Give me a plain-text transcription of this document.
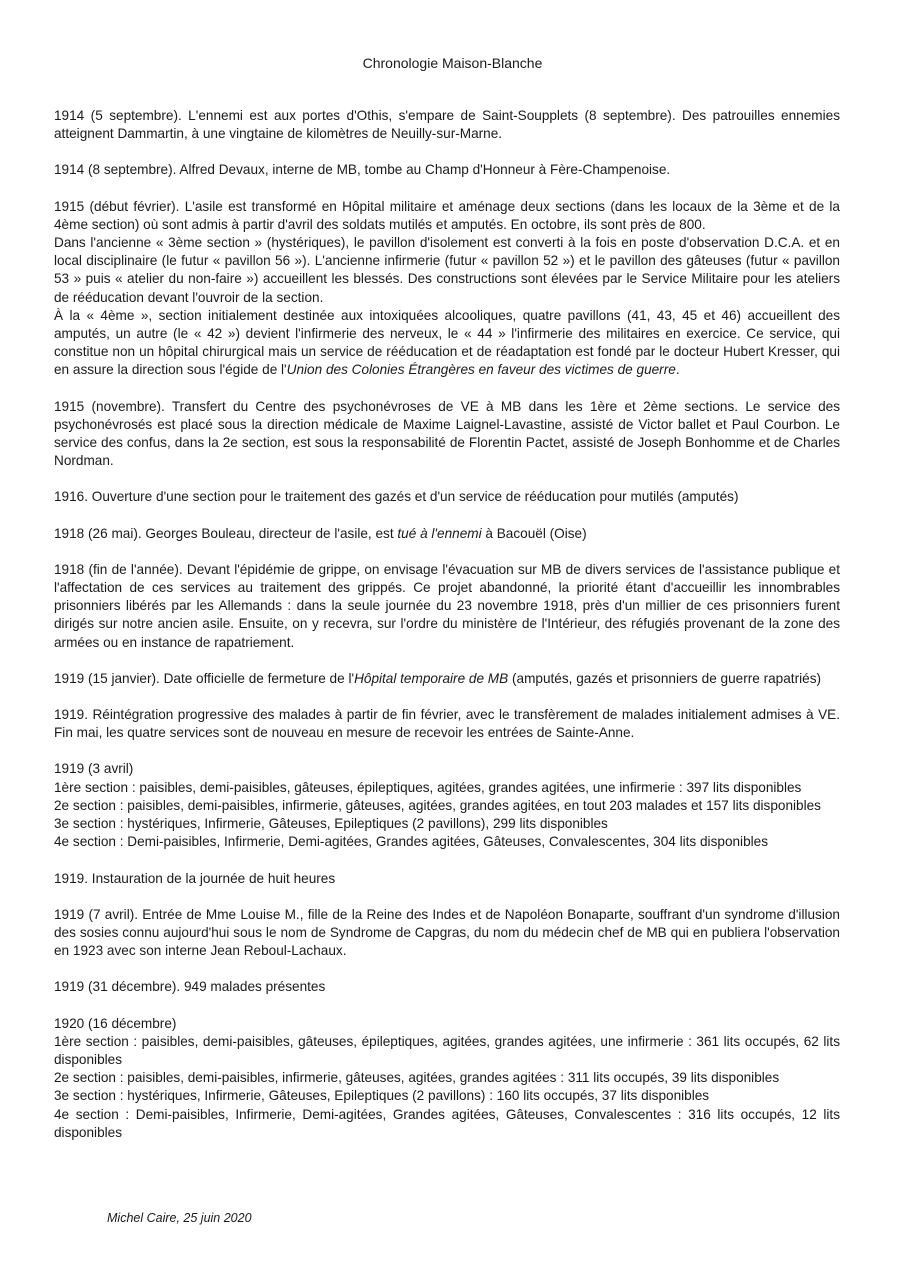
Chronologie Maison-Blanche

1914 (5 septembre). L'ennemi est aux portes d'Othis, s'empare de Saint-Soupplets (8 septembre). Des patrouilles ennemies atteignent Dammartin, à une vingtaine de kilomètres de Neuilly-sur-Marne.

1914 (8 septembre). Alfred Devaux, interne de MB, tombe au Champ d'Honneur à Fère-Champenoise.

1915 (début février). L'asile est transformé en Hôpital militaire et aménage deux sections (dans les locaux de la 3ème et de la 4ème section) où sont admis à partir d'avril des soldats mutilés et amputés. En octobre, ils sont près de 800.

Dans l'ancienne « 3ème section » (hystériques), le pavillon d'isolement est converti à la fois en poste d'observation D.C.A. et en local disciplinaire (le futur « pavillon 56 »). L'ancienne infirmerie (futur « pavillon 52 ») et le pavillon des gâteuses (futur « pavillon 53 » puis « atelier du non-faire ») accueillent les blessés. Des constructions sont élevées par le Service Militaire pour les ateliers de rééducation devant l'ouvroir de la section.

À la « 4ème », section initialement destinée aux intoxiquées alcooliques, quatre pavillons (41, 43, 45 et 46) accueillent des amputés, un autre (le « 42 ») devient l'infirmerie des nerveux, le « 44 » l'infirmerie des militaires en exercice. Ce service, qui constitue non un hôpital chirurgical mais un service de rééducation et de réadaptation est fondé par le docteur Hubert Kresser, qui en assure la direction sous l'égide de l'Union des Colonies Étrangères en faveur des victimes de guerre.

1915 (novembre). Transfert du Centre des psychonévroses de VE à MB dans les 1ère et 2ème sections. Le service des psychonévrosés est placé sous la direction médicale de Maxime Laignel-Lavastine, assisté de Victor ballet et Paul Courbon. Le service des confus, dans la 2e section, est sous la responsabilité de Florentin Pactet, assisté de Joseph Bonhomme et de Charles Nordman.

1916. Ouverture d'une section pour le traitement des gazés et d'un service de rééducation pour mutilés (amputés)

1918 (26 mai). Georges Bouleau, directeur de l'asile, est tué à l'ennemi à Bacouël (Oise)

1918 (fin de l'année). Devant l'épidémie de grippe, on envisage l'évacuation sur MB de divers services de l'assistance publique et l'affectation de ces services au traitement des grippés. Ce projet abandonné, la priorité étant d'accueillir les innombrables prisonniers libérés par les Allemands : dans la seule journée du 23 novembre 1918, près d'un millier de ces prisonniers furent dirigés sur notre ancien asile. Ensuite, on y recevra, sur l'ordre du ministère de l'Intérieur, des réfugiés provenant de la zone des armées ou en instance de rapatriement.

1919 (15 janvier). Date officielle de fermeture de l'Hôpital temporaire de MB (amputés, gazés et prisonniers de guerre rapatriés)

1919. Réintégration progressive des malades à partir de fin février, avec le transfèrement de malades initialement admises à VE. Fin mai, les quatre services sont de nouveau en mesure de recevoir les entrées de Sainte-Anne.

1919 (3 avril)

1ère section : paisibles, demi-paisibles, gâteuses, épileptiques, agitées, grandes agitées, une infirmerie : 397 lits disponibles

2e section : paisibles, demi-paisibles, infirmerie, gâteuses, agitées, grandes agitées, en tout 203 malades et 157 lits disponibles

3e section : hystériques, Infirmerie, Gâteuses, Epileptiques (2 pavillons), 299 lits disponibles

4e section : Demi-paisibles, Infirmerie, Demi-agitées, Grandes agitées, Gâteuses, Convalescentes, 304 lits disponibles

1919. Instauration de la journée de huit heures

1919 (7 avril). Entrée de Mme Louise M., fille de la Reine des Indes et de Napoléon Bonaparte, souffrant d'un syndrome d'illusion des sosies connu aujourd'hui sous le nom de Syndrome de Capgras, du nom du médecin chef de MB qui en publiera l'observation en 1923 avec son interne Jean Reboul-Lachaux.

1919 (31 décembre). 949 malades présentes

1920 (16 décembre)

1ère section : paisibles, demi-paisibles, gâteuses, épileptiques, agitées, grandes agitées, une infirmerie : 361 lits occupés, 62 lits disponibles

2e section : paisibles, demi-paisibles, infirmerie, gâteuses, agitées, grandes agitées : 311 lits occupés, 39 lits disponibles

3e section : hystériques, Infirmerie, Gâteuses, Epileptiques (2 pavillons) : 160 lits occupés, 37 lits disponibles

4e section : Demi-paisibles, Infirmerie, Demi-agitées, Grandes agitées, Gâteuses, Convalescentes : 316 lits occupés, 12 lits disponibles

Michel Caire, 25 juin 2020
